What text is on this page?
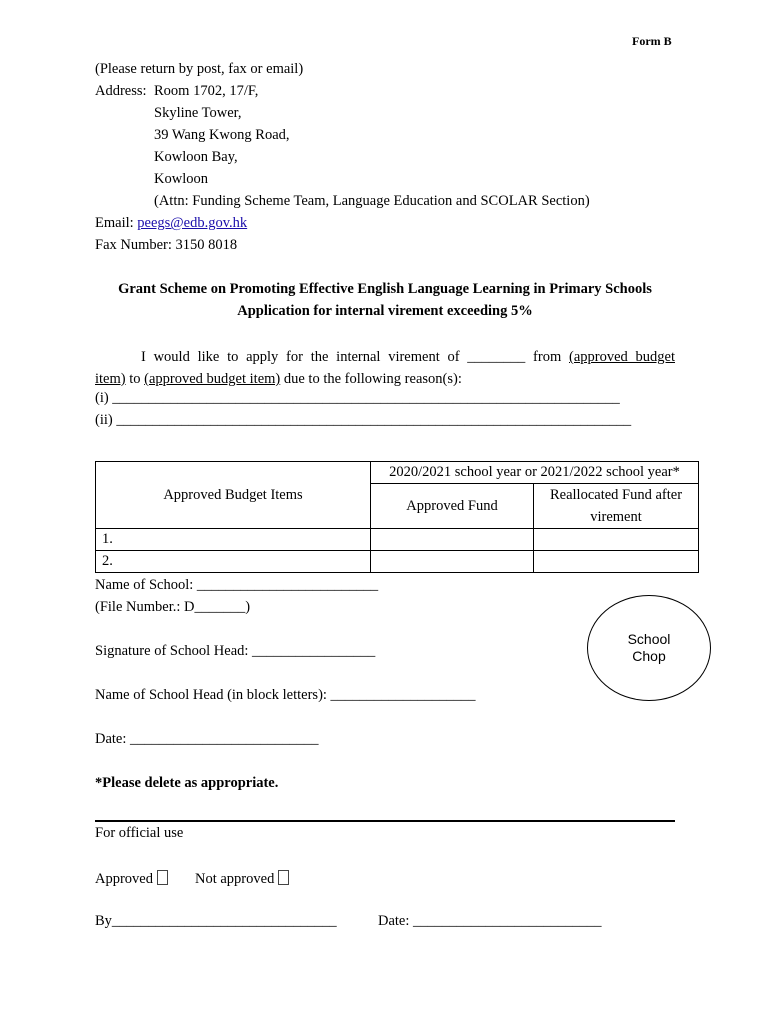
Form B
(Please return by post, fax or email)
Address: Room 1702, 17/F,
Skyline Tower,
39 Wang Kwong Road,
Kowloon Bay,
Kowloon
(Attn: Funding Scheme Team, Language Education and SCOLAR Section)
Email: peegs@edb.gov.hk
Fax Number: 3150 8018
Grant Scheme on Promoting Effective English Language Learning in Primary Schools
Application for internal virement exceeding 5%
I would like to apply for the internal virement of ________ from (approved budget
item) to (approved budget item) due to the following reason(s):
(i) ______________________________________________________________________
(ii) _______________________________________________________________________
Approved Budget Items	2020/2021 school year or 2021/2022 school year*	
	Approved Fund	Reallocated Fund after
virement

1.		
2.		
Name of School: _________________________
(File Number.: D_______)
Signature of School Head: _________________
Name of School Head (in block letters): ____________________
Date: __________________________
School
Chop
*Please delete as appropriate.
For official use
Approved	Not approved
By_______________________________	Date: __________________________
